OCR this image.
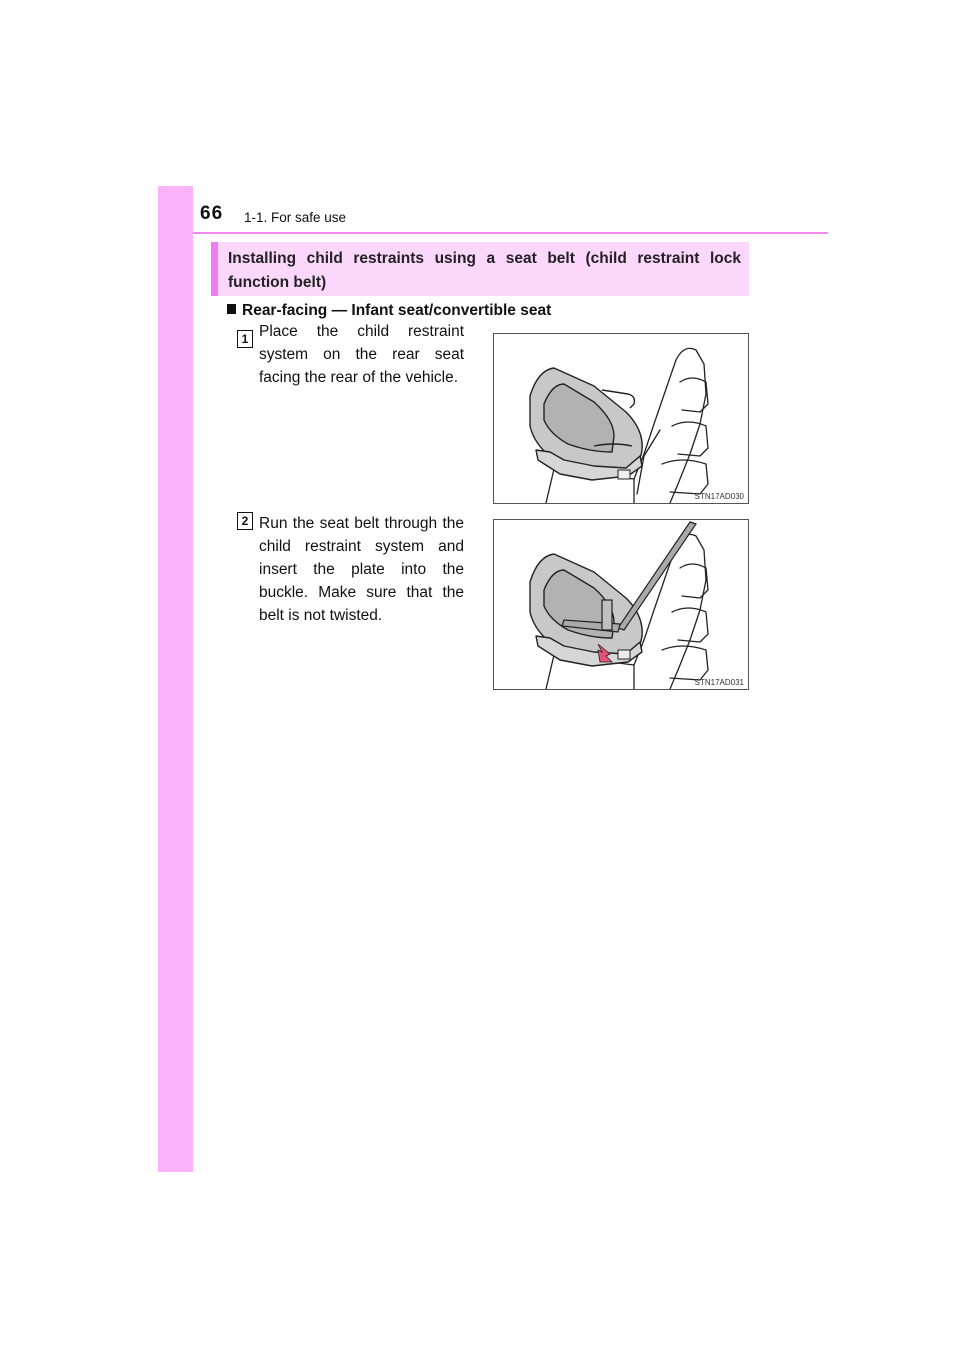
66 1-1. For safe use
Installing child restraints using a seat belt (child restraint lock function belt)
Rear-facing — Infant seat/convertible seat
1 Place the child restraint system on the rear seat facing the rear of the vehicle.
STN17AD030
2 Run the seat belt through the child restraint system and insert the plate into the buckle. Make sure that the belt is not twisted.
STN17AD031
